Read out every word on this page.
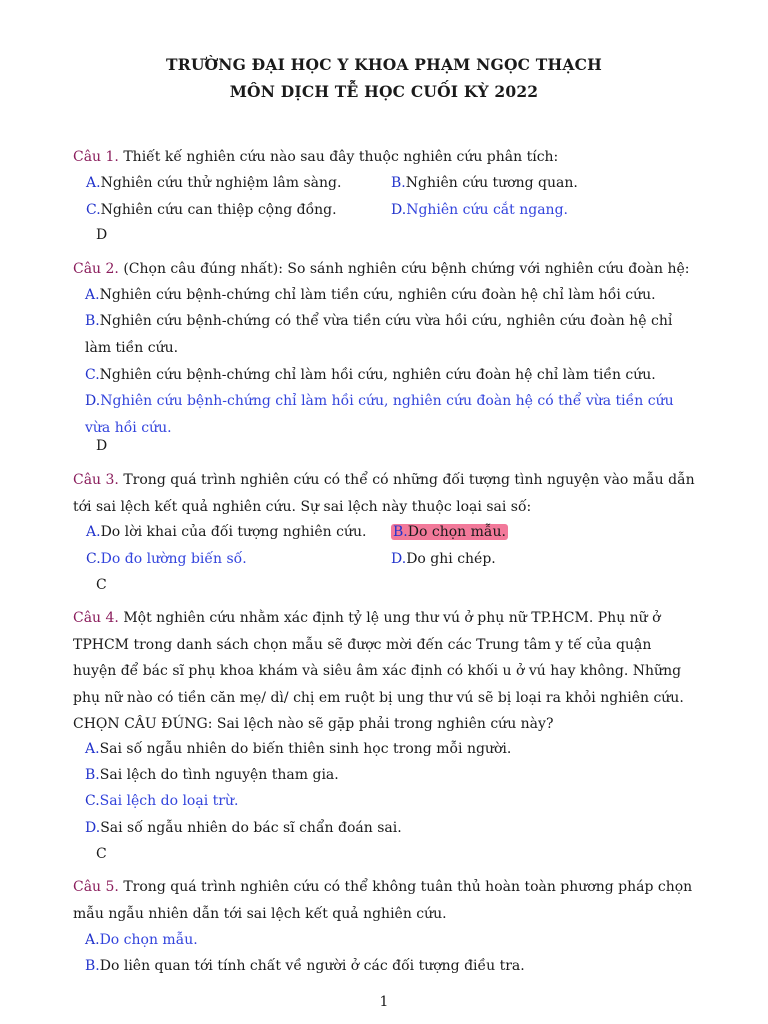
TRƯỜNG ĐẠI HỌC Y KHOA PHẠM NGỌC THẠCH
MÔN DỊCH TỄ HỌC CUỐI KỲ 2022
Câu 1. Thiết kế nghiên cứu nào sau đây thuộc nghiên cứu phân tích:
A.Nghiên cứu thử nghiệm lâm sàng.	B.Nghiên cứu tương quan.
C.Nghiên cứu can thiệp cộng đồng.	D.Nghiên cứu cắt ngang.
D
Câu 2. (Chọn câu đúng nhất): So sánh nghiên cứu bệnh chứng với nghiên cứu đoàn hệ:
A.Nghiên cứu bệnh-chứng chỉ làm tiền cứu, nghiên cứu đoàn hệ chỉ làm hồi cứu.
B.Nghiên cứu bệnh-chứng có thể vừa tiền cứu vừa hồi cứu, nghiên cứu đoàn hệ chỉ làm tiền cứu.
C.Nghiên cứu bệnh-chứng chỉ làm hồi cứu, nghiên cứu đoàn hệ chỉ làm tiền cứu.
D.Nghiên cứu bệnh-chứng chỉ làm hồi cứu, nghiên cứu đoàn hệ có thể vừa tiền cứu vừa hồi cứu.
D
Câu 3. Trong quá trình nghiên cứu có thể có những đối tượng tình nguyện vào mẫu dẫn tới sai lệch kết quả nghiên cứu. Sự sai lệch này thuộc loại sai số:
A.Do lời khai của đối tượng nghiên cứu. B.Do chọn mẫu.
C.Do đo lường biến số.	D.Do ghi chép.
C
Câu 4. Một nghiên cứu nhằm xác định tỷ lệ ung thư vú ở phụ nữ TP.HCM. Phụ nữ ở TPHCM trong danh sách chọn mẫu sẽ được mời đến các Trung tâm y tế của quận huyện để bác sĩ phụ khoa khám và siêu âm xác định có khối u ở vú hay không. Những phụ nữ nào có tiền căn mẹ/ dì/ chị em ruột bị ung thư vú sẽ bị loại ra khỏi nghiên cứu. CHỌN CÂU ĐÚNG: Sai lệch nào sẽ gặp phải trong nghiên cứu này?
A.Sai số ngẫu nhiên do biến thiên sinh học trong mỗi người.
B.Sai lệch do tình nguyện tham gia.
C.Sai lệch do loại trừ.
D.Sai số ngẫu nhiên do bác sĩ chẩn đoán sai.
C
Câu 5. Trong quá trình nghiên cứu có thể không tuân thủ hoàn toàn phương pháp chọn mẫu ngẫu nhiên dẫn tới sai lệch kết quả nghiên cứu.
A.Do chọn mẫu.
B.Do liên quan tới tính chất về người ở các đối tượng điều tra.
1
